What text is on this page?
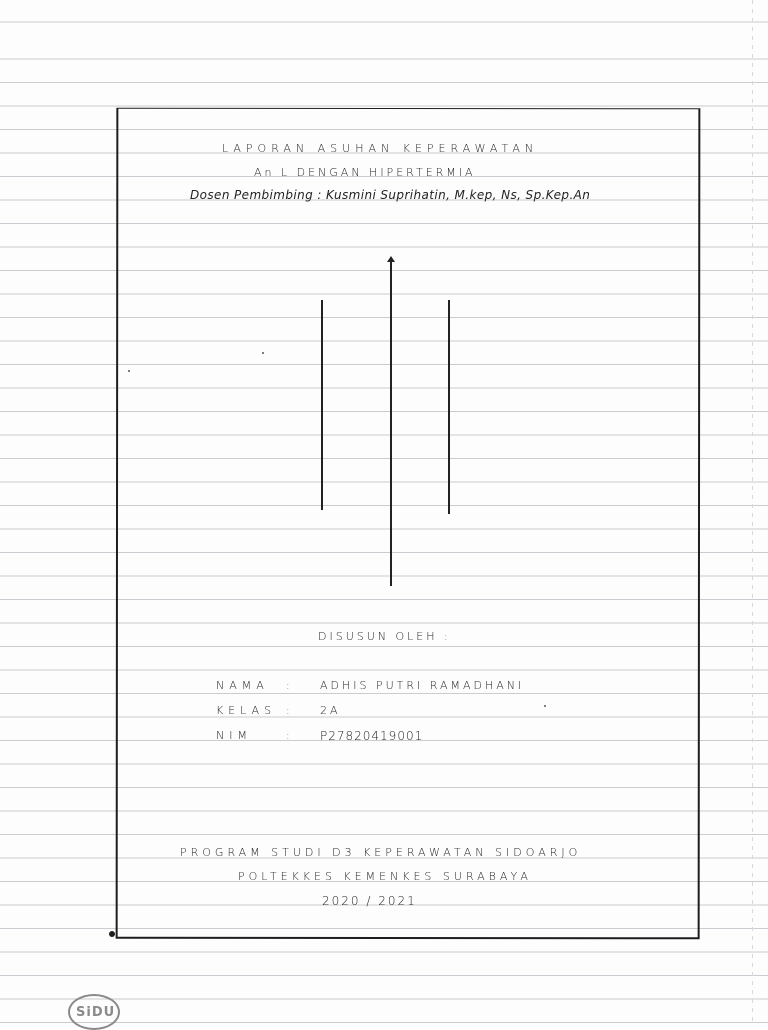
LAPORAN ASUHAN KEPERAWATAN
An L DENGAN HIPERTERMIA
Dosen Pembimbing : Kusmini Suprihatin, M.kep, Ns, Sp.Kep.An
DISUSUN OLEH :
NAMA : ADHIS PUTRI RAMADHANI
KELAS : 2A
NIM	: P27820419001
PROGRAM STUDI D3 KEPERAWATAN SIDOARJO
POLTEKKES KEMENKES SURABAYA
2020 / 2021
SiDU
